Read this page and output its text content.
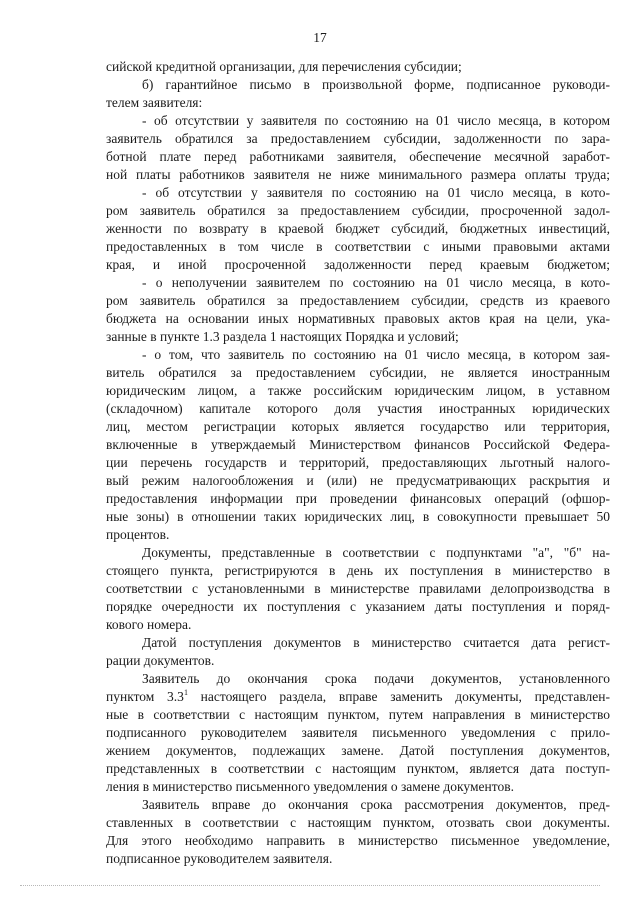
17
сийской кредитной организации, для перечисления субсидии;
б) гарантийное письмо в произвольной форме, подписанное руководи-
телем заявителя:
- об отсутствии у заявителя по состоянию на 01 число месяца, в котором
заявитель обратился за предоставлением субсидии, задолженности по зара-
ботной плате перед работниками заявителя, обеспечение месячной заработ-
ной платы работников заявителя не ниже минимального размера оплаты труда;
- об отсутствии у заявителя по состоянию на 01 число месяца, в кото-
ром заявитель обратился за предоставлением субсидии, просроченной задол-
женности по возврату в краевой бюджет субсидий, бюджетных инвестиций,
предоставленных в том числе в соответствии с иными правовыми актами
края, и иной просроченной задолженности перед краевым бюджетом;
- о неполучении заявителем по состоянию на 01 число месяца, в кото-
ром заявитель обратился за предоставлением субсидии, средств из краевого
бюджета на основании иных нормативных правовых актов края на цели, ука-
занные в пункте 1.3 раздела 1 настоящих Порядка и условий;
- о том, что заявитель по состоянию на 01 число месяца, в котором зая-
витель обратился за предоставлением субсидии, не является иностранным
юридическим лицом, а также российским юридическим лицом, в уставном
(складочном) капитале которого доля участия иностранных юридических
лиц, местом регистрации которых является государство или территория,
включенные в утверждаемый Министерством финансов Российской Федера-
ции перечень государств и территорий, предоставляющих льготный налого-
вый режим налогообложения и (или) не предусматривающих раскрытия и
предоставления информации при проведении финансовых операций (офшор-
ные зоны) в отношении таких юридических лиц, в совокупности превышает 50
процентов.
Документы, представленные в соответствии с подпунктами "а", "б" на-
стоящего пункта, регистрируются в день их поступления в министерство в
соответствии с установленными в министерстве правилами делопроизводства в
порядке очередности их поступления с указанием даты поступления и поряд-
кового номера.
Датой поступления документов в министерство считается дата регист-
рации документов.
Заявитель до окончания срока подачи документов, установленного
пунктом $3.3^1$ настоящего раздела, вправе заменить документы, представлен-
ные в соответствии с настоящим пунктом, путем направления в министерство
подписанного руководителем заявителя письменного уведомления с прило-
жением документов, подлежащих замене. Датой поступления документов,
представленных в соответствии с настоящим пунктом, является дата поступ-
ления в министерство письменного уведомления о замене документов.
Заявитель вправе до окончания срока рассмотрения документов, пред-
ставленных в соответствии с настоящим пунктом, отозвать свои документы.
Для этого необходимо направить в министерство письменное уведомление,
подписанное руководителем заявителя.
